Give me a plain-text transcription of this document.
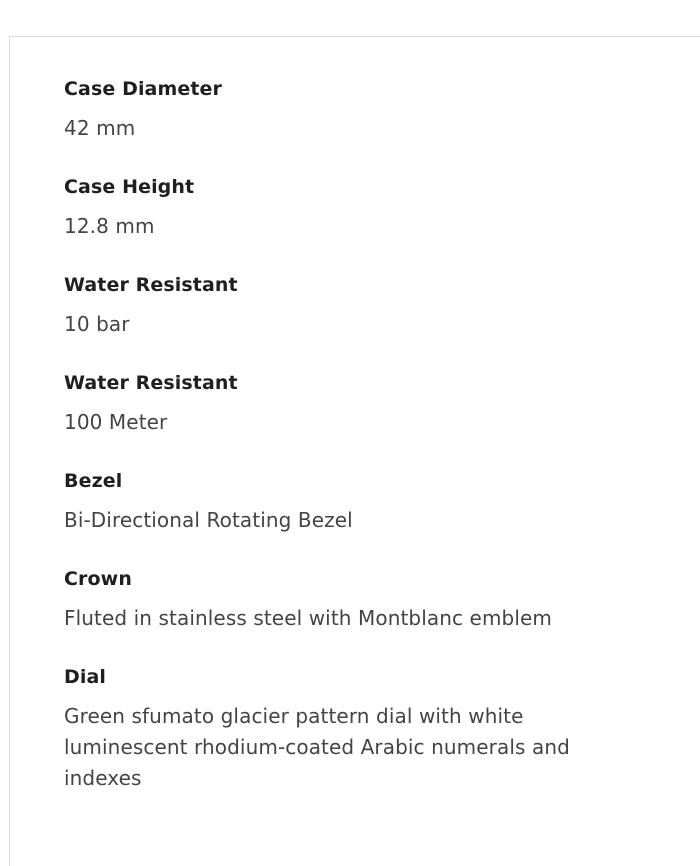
Case Diameter
42 mm
Case Height
12.8 mm
Water Resistant
10 bar
Water Resistant
100 Meter
Bezel
Bi-Directional Rotating Bezel
Crown
Fluted in stainless steel with Montblanc emblem
Dial
Green sfumato glacier pattern dial with white luminescent rhodium-coated Arabic numerals and indexes
